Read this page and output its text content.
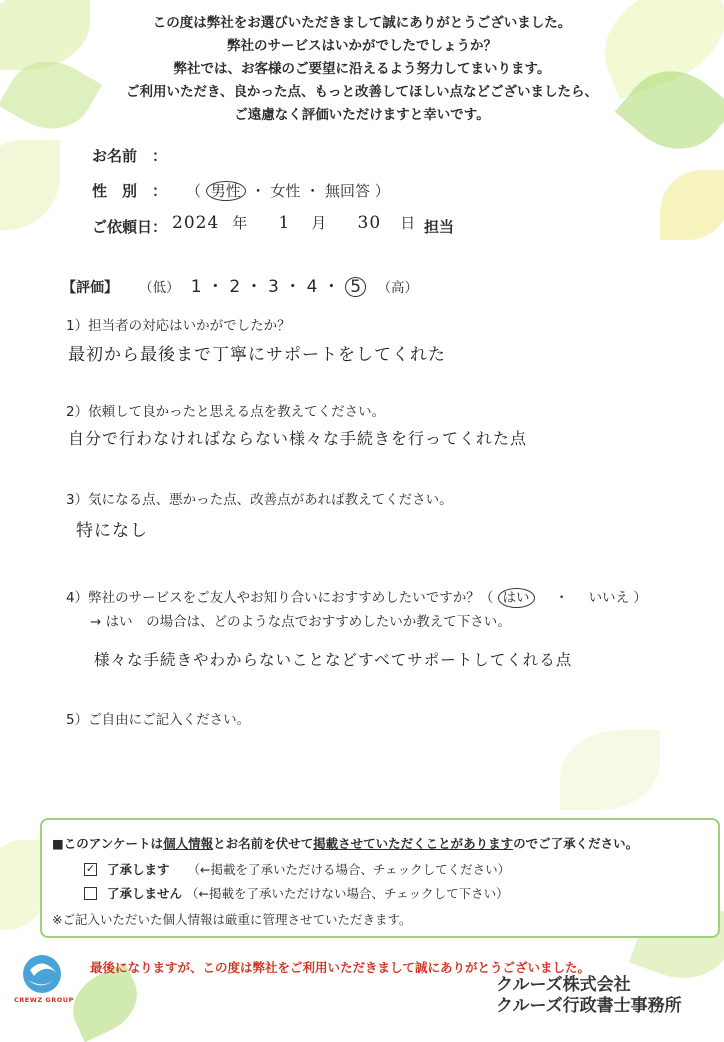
この度は弊社をお選びいただきまして誠にありがとうございました。
弊社のサービスはいかがでしたでしょうか？
弊社では、お客様のご要望に沿えるよう努力してまいります。
ご利用いただき、良かった点、もっと改善してほしい点などございましたら、
ご遠慮なく評価いただけますと幸いです。
お名前　：
性　別　： （ 男性 ・ 女性 ・ 無回答 ）
ご依頼日： 2024 年 1 月 30 日 担当
【評価】 （低） 1 ・ 2 ・ 3 ・ 4 ・ 5 （高）
1）担当者の対応はいかがでしたか？
最初から最後まで丁寧にサポートをしてくれた
2）依頼して良かったと思える点を教えてください。
自分で行わなければならない様々な手続きを行ってくれた点
3）気になる点、悪かった点、改善点があれば教えてください。
特になし
4）弊社のサービスをご友人やお知り合いにおすすめしたいですか？（ はい ・ いいえ ）
→ はい　の場合は、どのような点でおすすめしたいか教えて下さい。
様々な手続きやわからないことなどすべてサポートしてくれる点
5）ご自由にご記入ください。
■このアンケートは個人情報とお名前を伏せて掲載させていただくことがありますのでご了承ください。
✓ 了承します （←掲載を了承いただける場合、チェックしてください）
了承しません （←掲載を了承いただけない場合、チェックして下さい）
※ご記入いただいた個人情報は厳重に管理させていただきます。
CREWZ GROUP
最後になりますが、この度は弊社をご利用いただきまして誠にありがとうございました。
クルーズ株式会社
クルーズ行政書士事務所
